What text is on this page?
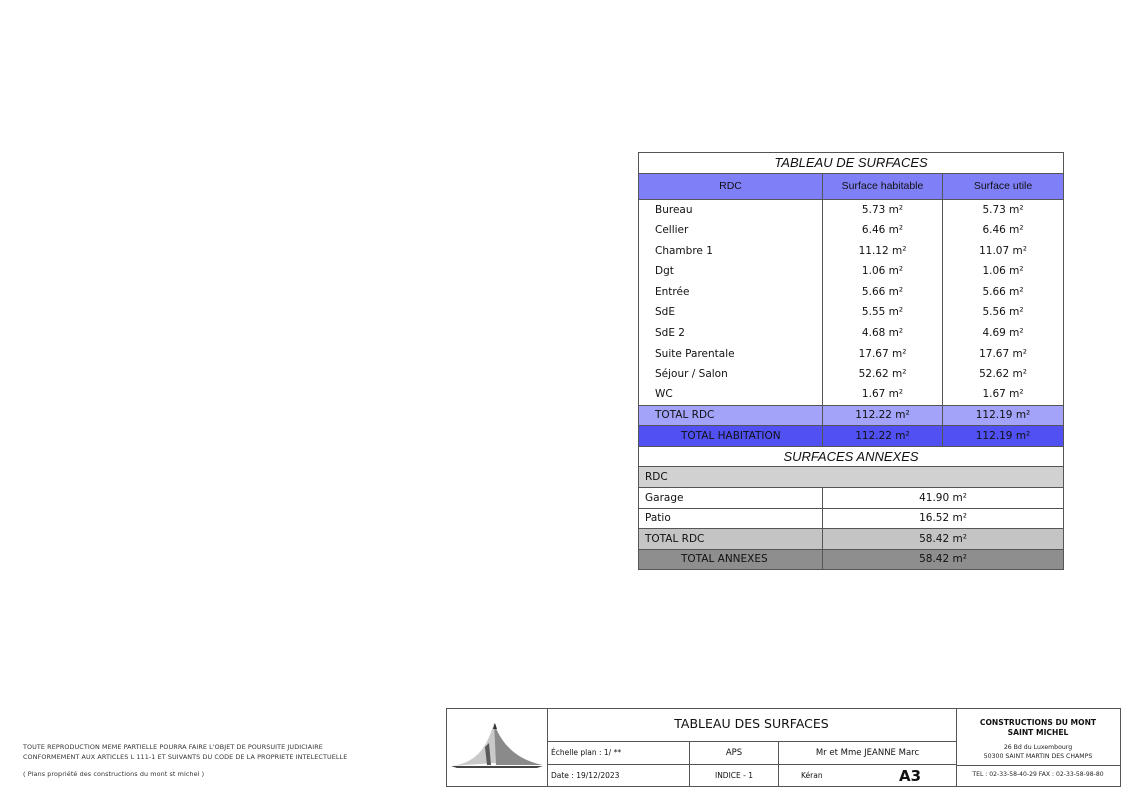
TABLEAU DE SURFACES		
RDC	Surface habitable	Surface utile
Bureau	5.73 m²	5.73 m²
Cellier	6.46 m²	6.46 m²
Chambre 1	11.12 m²	11.07 m²
Dgt	1.06 m²	1.06 m²
Entrée	5.66 m²	5.66 m²
SdE	5.55 m²	5.56 m²
SdE 2	4.68 m²	4.69 m²
Suite Parentale	17.67 m²	17.67 m²
Séjour / Salon	52.62 m²	52.62 m²
WC	1.67 m²	1.67 m²
TOTAL RDC	112.22 m²	112.19 m²
TOTAL HABITATION	112.22 m²	112.19 m²
SURFACES ANNEXES		
RDC		
Garage	41.90 m²	
Patio	16.52 m²	
TOTAL RDC	58.42 m²	
TOTAL ANNEXES	58.42 m²	
TOUTE REPRODUCTION MEME PARTIELLE POURRA FAIRE L'OBJET DE POURSUITE JUDICIAIRE
CONFORMEMENT AUX ARTICLES L 111-1 ET SUIVANTS DU CODE DE LA PROPRIETE INTELECTUELLE
( Plans propriété des constructions du mont st michel )
TABLEAU DES SURFACES
Échelle plan : 1/ **	APS	Mr et Mme JEANNE Marc
Date : 19/12/2023	INDICE - 1	Kéran	A3
CONSTRUCTIONS DU MONT
SAINT MICHEL
26 Bd du Luxembourg
50300 SAINT MARTIN DES CHAMPS
TEL : 02-33-58-40-29 FAX : 02-33-58-98-80
